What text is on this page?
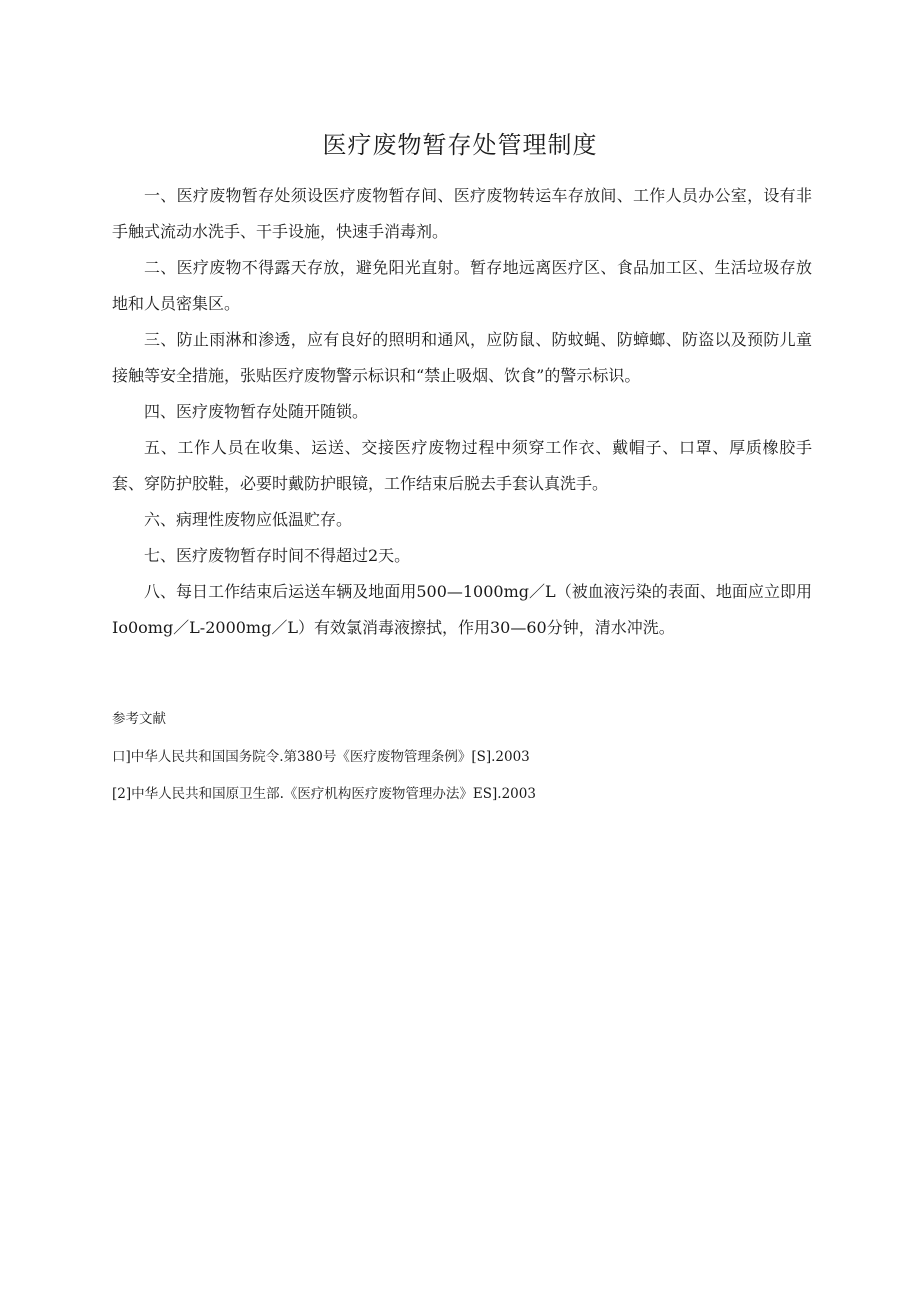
医疗废物暂存处管理制度

一、医疗废物暂存处须设医疗废物暂存间、医疗废物转运车存放间、工作人员办公室，设有非手触式流动水洗手、干手设施，快速手消毒剂。

二、医疗废物不得露天存放，避免阳光直射。暂存地远离医疗区、食品加工区、生活垃圾存放地和人员密集区。

三、防止雨淋和渗透，应有良好的照明和通风，应防鼠、防蚊蝇、防蟑螂、防盗以及预防儿童接触等安全措施，张贴医疗废物警示标识和“禁止吸烟、饮食”的警示标识。

四、医疗废物暂存处随开随锁。

五、工作人员在收集、运送、交接医疗废物过程中须穿工作衣、戴帽子、口罩、厚质橡胶手套、穿防护胶鞋，必要时戴防护眼镜，工作结束后脱去手套认真洗手。

六、病理性废物应低温贮存。

七、医疗废物暂存时间不得超过2天。

八、每日工作结束后运送车辆及地面用500—1000mg／L（被血液污染的表面、地面应立即用Io0omg／L-2000mg／L）有效氯消毒液擦拭，作用30—60分钟，清水冲洗。

参考文献

口]中华人民共和国国务院令.第380号《医疗废物管理条例》[S].2003

[2]中华人民共和国原卫生部.《医疗机构医疗废物管理办法》ES].2003
